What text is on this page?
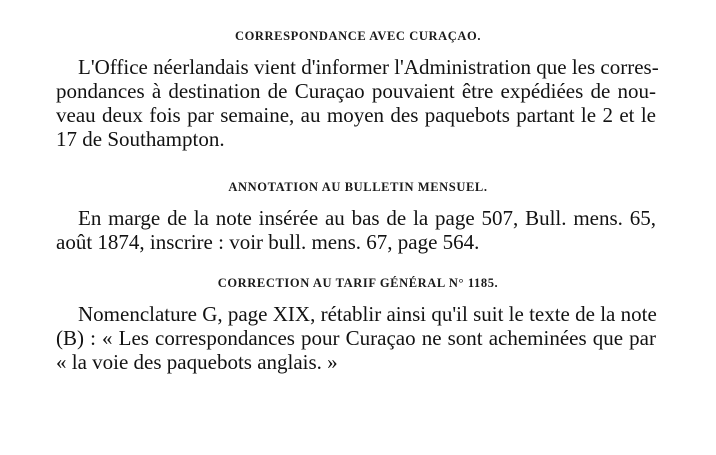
CORRESPONDANCE AVEC CURAÇAO.
L'Office néerlandais vient d'informer l'Administration que les corres-
pondances à destination de Curaçao pouvaient être expédiées de nou-
veau deux fois par semaine, au moyen des paquebots partant le 2 et le
17 de Southampton.
ANNOTATION AU BULLETIN MENSUEL.
En marge de la note insérée au bas de la page 507, Bull. mens. 65,
août 1874, inscrire : voir bull. mens. 67, page 564.
CORRECTION AU TARIF GÉNÉRAL N° 1185.
Nomenclature G, page XIX, rétablir ainsi qu'il suit le texte de la note
(B) : « Les correspondances pour Curaçao ne sont acheminées que par
« la voie des paquebots anglais. »
